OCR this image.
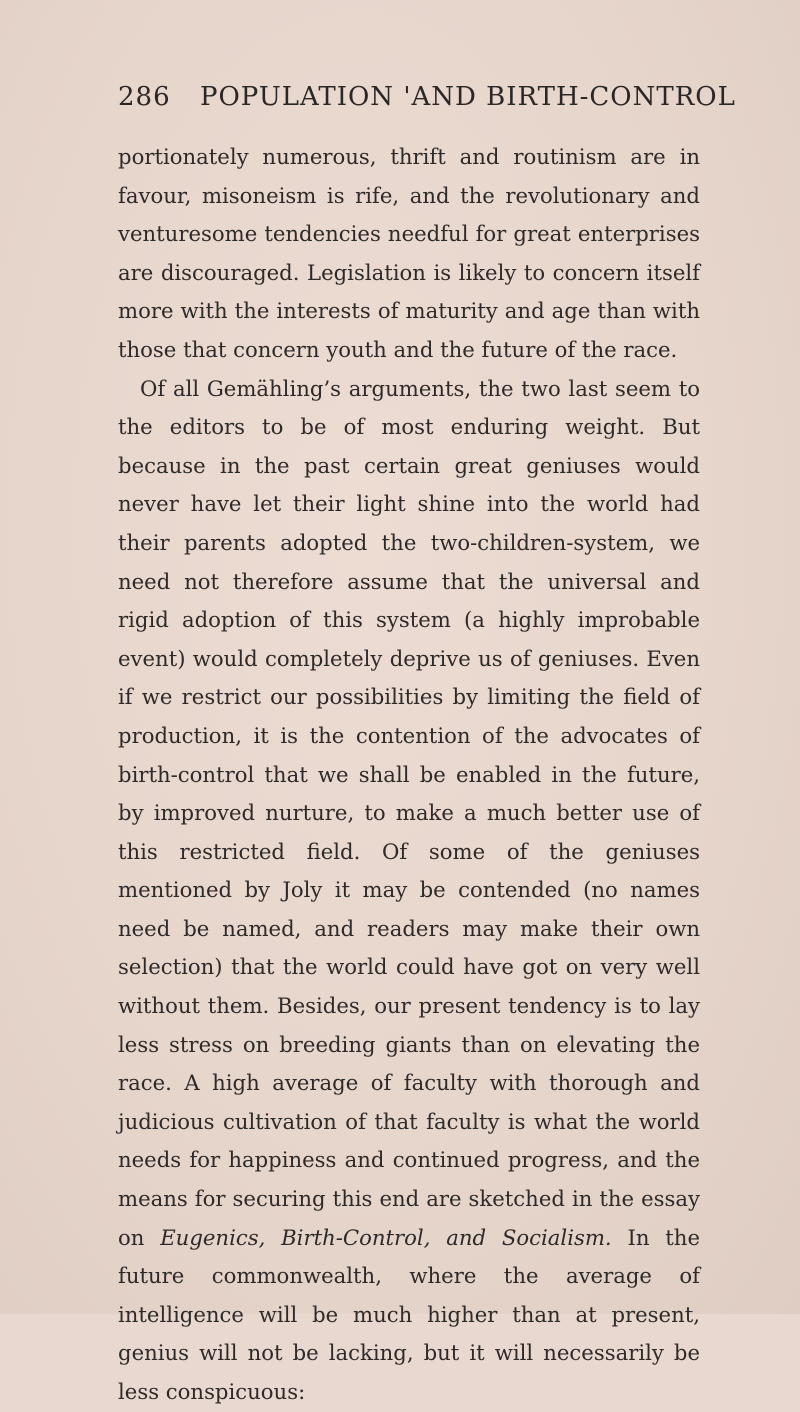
286 POPULATION 'AND BIRTH-CONTROL

portionately numerous, thrift and routinism are in favour, misoneism is rife, and the revolutionary and venturesome tendencies needful for great enterprises are discouraged. Legislation is likely to concern itself more with the interests of maturity and age than with those that concern youth and the future of the race.

Of all Gemähling’s arguments, the two last seem to the editors to be of most enduring weight. But because in the past certain great geniuses would never have let their light shine into the world had their parents adopted the two-children-system, we need not therefore assume that the universal and rigid adoption of this system (a highly improbable event) would completely deprive us of geniuses. Even if we restrict our possibilities by limiting the field of production, it is the contention of the advocates of birth-control that we shall be enabled in the future, by improved nurture, to make a much better use of this restricted field. Of some of the geniuses mentioned by Joly it may be contended (no names need be named, and readers may make their own selection) that the world could have got on very well without them. Besides, our present tendency is to lay less stress on breeding giants than on elevating the race. A high average of faculty with thorough and judicious cultivation of that faculty is what the world needs for happiness and continued progress, and the means for securing this end are sketched in the essay on Eugenics, Birth-Control, and Socialism. In the future commonwealth, where the average of intelligence will be much higher than at present, genius will not be lacking, but it will necessarily be less conspicuous:
